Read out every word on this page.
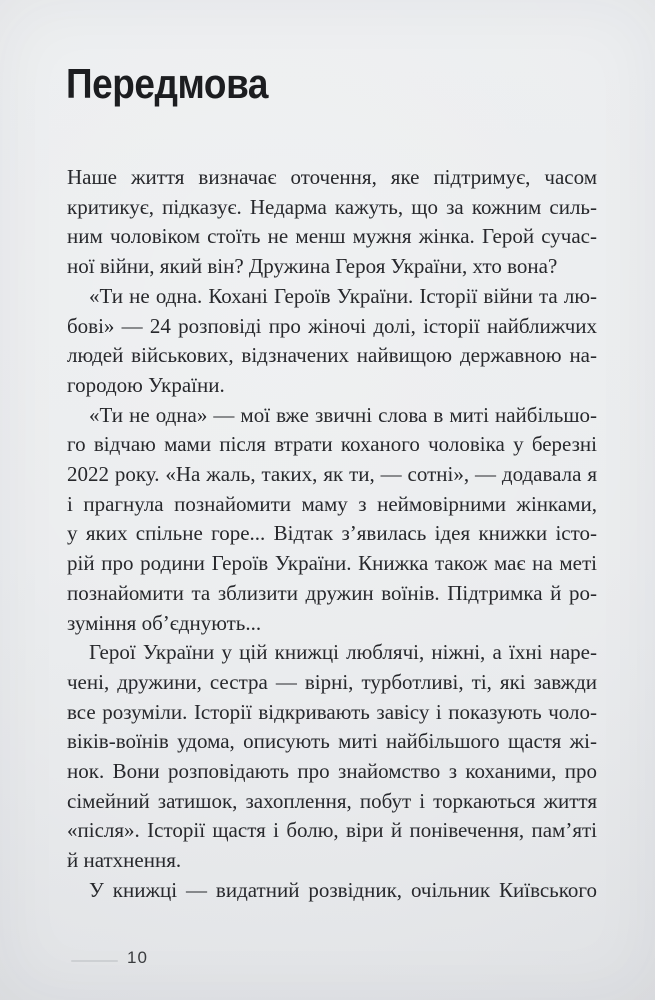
Передмова
Наше життя визначає оточення, яке підтримує, часом
критикує, підказує. Недарма кажуть, що за кожним силь-
ним чоловіком стоїть не менш мужня жінка. Герой сучас-
ної війни, який він? Дружина Героя України, хто вона?
«Ти не одна. Кохані Героїв України. Історії війни та лю-
бові» — 24 розповіді про жіночі долі, історії найближчих
людей військових, відзначених найвищою державною на-
городою України.
«Ти не одна» — мої вже звичні слова в миті найбільшо-
го відчаю мами після втрати коханого чоловіка у березні
2022 року. «На жаль, таких, як ти, — сотні», — додавала я
і прагнула познайомити маму з неймовірними жінками,
у яких спільне горе... Відтак з’явилась ідея книжки істо-
рій про родини Героїв України. Книжка також має на меті
познайомити та зблизити дружин воїнів. Підтримка й ро-
зуміння об’єднують...
Герої України у цій книжці люблячі, ніжні, а їхні наре-
чені, дружини, сестра — вірні, турботливі, ті, які завжди
все розуміли. Історії відкривають завісу і показують чоло-
віків-воїнів удома, описують миті найбільшого щастя жі-
нок. Вони розповідають про знайомство з коханими, про
сімейний затишок, захоплення, побут і торкаються життя
«після». Історії щастя і болю, віри й понівечення, пам’яті
й натхнення.
У книжці — видатний розвідник, очільник Київського
10
